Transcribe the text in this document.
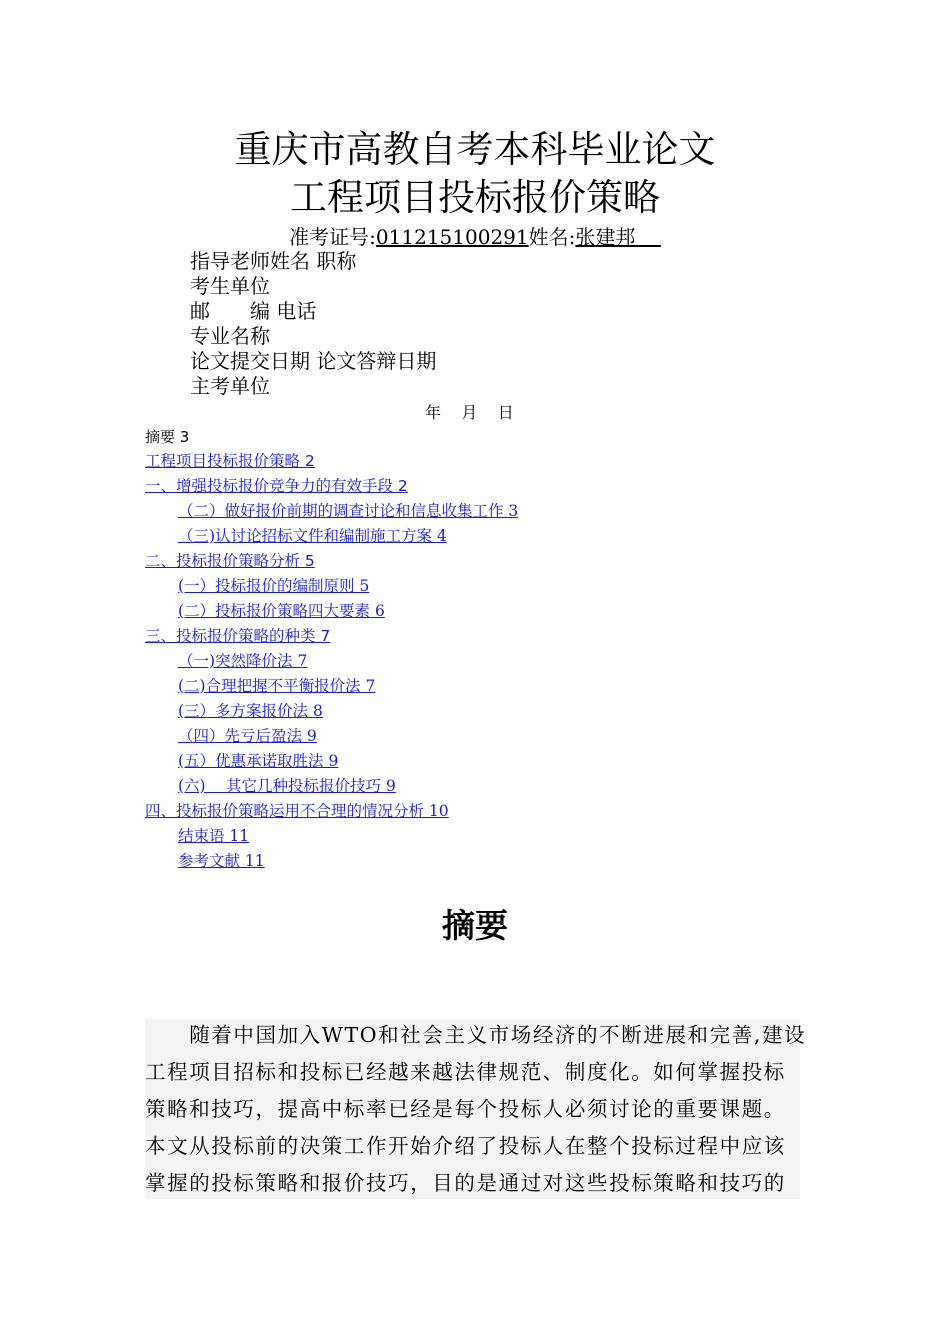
重庆市高教自考本科毕业论文
工程项目投标报价策略
准考证号:011215100291姓名:张建邦
指导老师姓名 职称
考生单位
邮　　编 电话
专业名称
论文提交日期 论文答辩日期
主考单位
年    月    日
摘要 3
工程项目投标报价策略 2
一、增强投标报价竞争力的有效手段 2
（二）做好报价前期的调查讨论和信息收集工作 3
（三)认讨论招标文件和编制施工方案 4
二、投标报价策略分析 5
(一）投标报价的编制原则 5
(二）投标报价策略四大要素 6
三、投标报价策略的种类 7
（一)突然降价法 7
(二)合理把握不平衡报价法 7
(三）多方案报价法 8
（四）先亏后盈法 9
(五）优惠承诺取胜法 9
(六)　 其它几种投标报价技巧 9
四、投标报价策略运用不合理的情况分析 10
结束语 11
参考文献 11
摘要
　　随着中国加入WTO和社会主义市场经济的不断进展和完善,建设
工程项目招标和投标已经越来越法律规范、制度化。如何掌握投标
策略和技巧，提高中标率已经是每个投标人必须讨论的重要课题。
本文从投标前的决策工作开始介绍了投标人在整个投标过程中应该
掌握的投标策略和报价技巧，目的是通过对这些投标策略和技巧的
